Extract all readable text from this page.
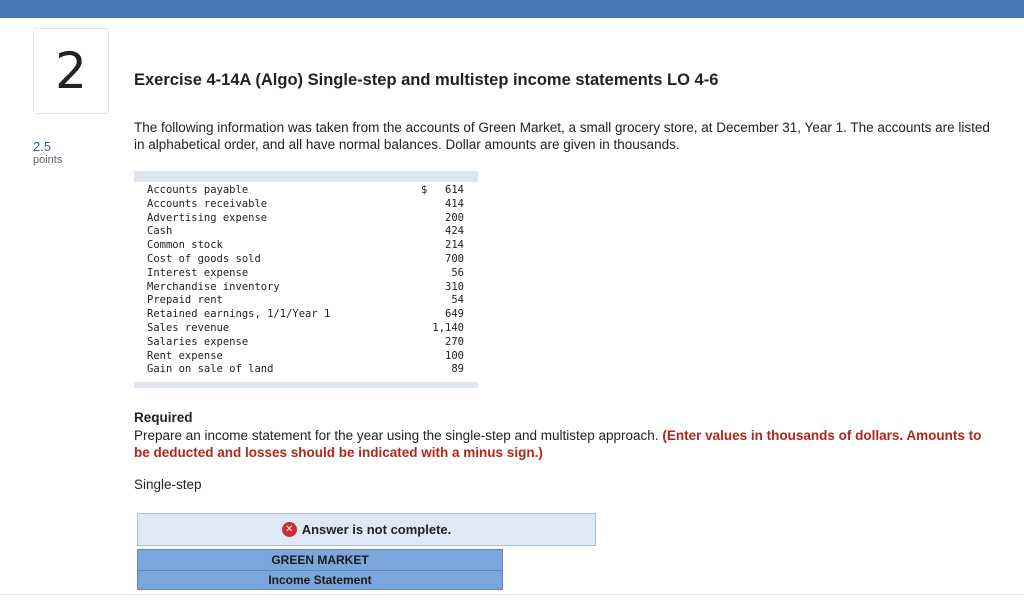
2
2.5
points
Exercise 4-14A (Algo) Single-step and multistep income statements LO 4-6
The following information was taken from the accounts of Green Market, a small grocery store, at December 31, Year 1. The accounts are listed in alphabetical order, and all have normal balances. Dollar amounts are given in thousands.
Accounts payable	$ 614
Accounts receivable	414
Advertising expense	200
Cash	424
Common stock	214
Cost of goods sold	700
Interest expense	56
Merchandise inventory	310
Prepaid rent	54
Retained earnings, 1/1/Year 1	649
Sales revenue	1,140
Salaries expense	270
Rent expense	100
Gain on sale of land	89
Required
Prepare an income statement for the year using the single-step and multistep approach. (Enter values in thousands of dollars. Amounts to be deducted and losses should be indicated with a minus sign.)
Single-step
✕ Answer is not complete.
GREEN MARKET
Income Statement
